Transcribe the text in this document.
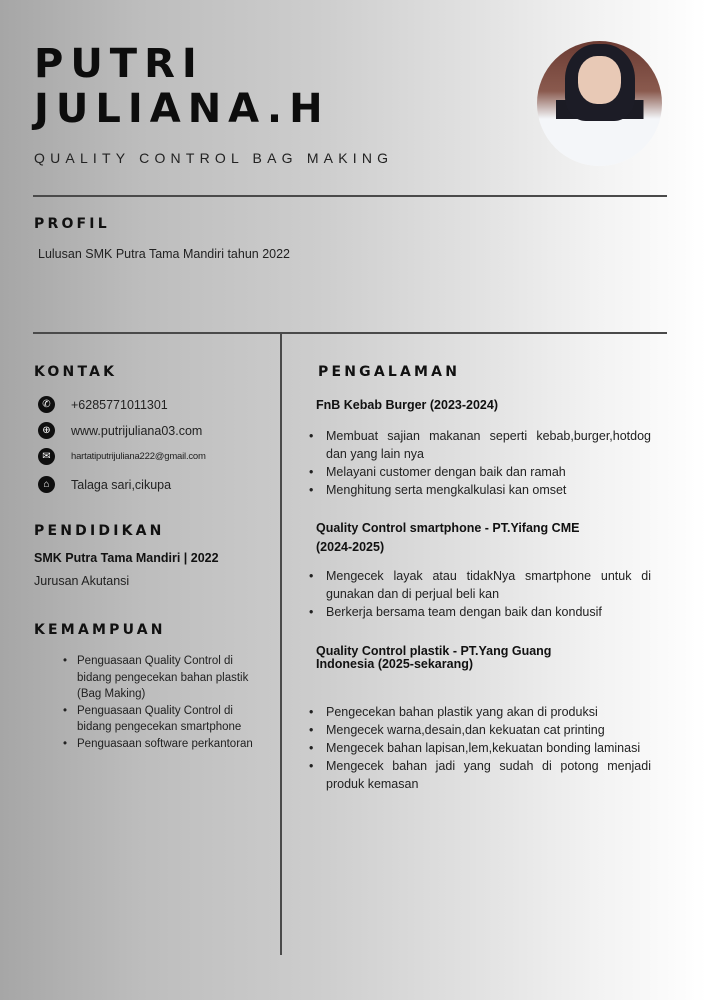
PUTRI
JULIANA.H
QUALITY CONTROL BAG MAKING
PROFIL
Lulusan SMK Putra Tama Mandiri tahun 2022
KONTAK
✆	+6285771011301
⊕	www.putrijuliana03.com
✉	hartatiputrijuliana222@gmail.com
⌂	Talaga sari,cikupa
PENDIDIKAN
SMK Putra Tama Mandiri | 2022
Jurusan Akutansi
KEMAMPUAN
• Penguasaan Quality Control di bidang pengecekan bahan plastik (Bag Making)
• Penguasaan Quality Control di bidang pengecekan smartphone
• Penguasaan software perkantoran
PENGALAMAN
FnB Kebab Burger (2023-2024)
• Membuat sajian makanan seperti kebab,burger,hotdog dan yang lain nya
• Melayani customer dengan baik dan ramah
• Menghitung serta mengkalkulasi kan omset
Quality Control smartphone - PT.Yifang CME (2024-2025)
• Mengecek layak atau tidakNya smartphone untuk di gunakan dan di perjual beli kan
• Berkerja bersama team dengan baik dan kondusif
Quality Control plastik - PT.Yang Guang Indonesia (2025-sekarang)
• Pengecekan bahan plastik yang akan di produksi
• Mengecek warna,desain,dan kekuatan cat printing
• Mengecek bahan lapisan,lem,kekuatan bonding laminasi
• Mengecek bahan jadi yang sudah di potong menjadi produk kemasan
